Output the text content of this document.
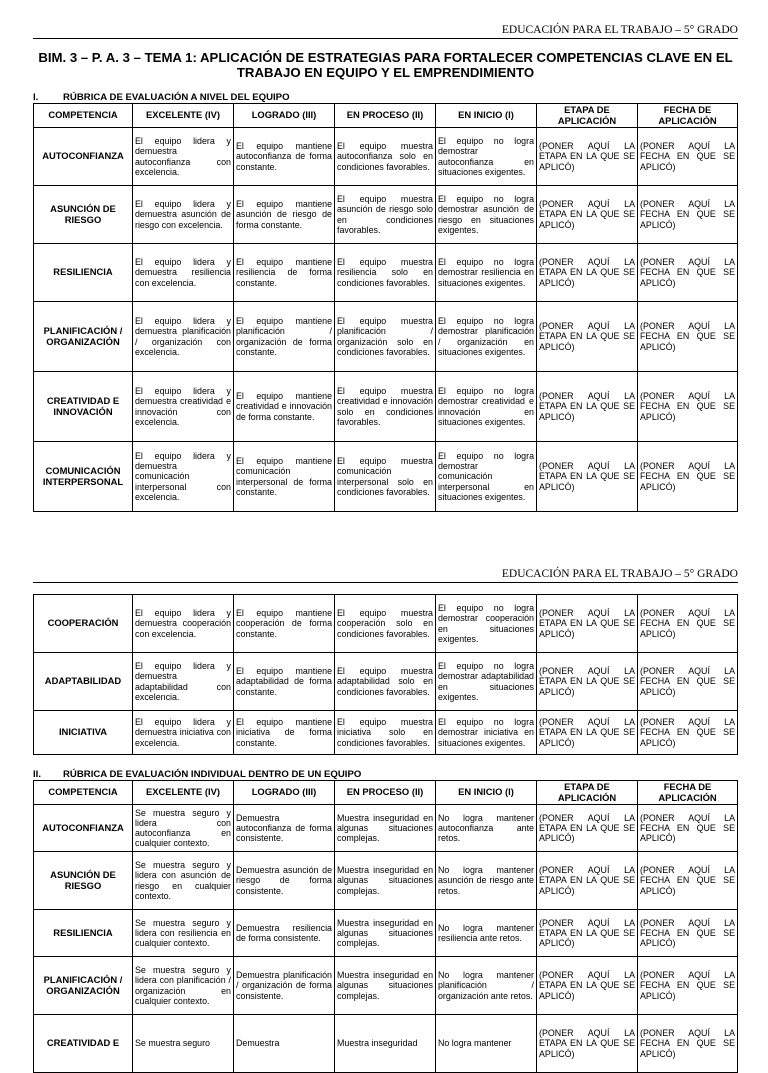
EDUCACIÓN PARA EL TRABAJO – 5° GRADO
BIM. 3 – P. A. 3 – TEMA 1: APLICACIÓN DE ESTRATEGIAS PARA FORTALECER COMPETENCIAS CLAVE EN EL TRABAJO EN EQUIPO Y EL EMPRENDIMIENTO
I.	RÚBRICA DE EVALUACIÓN A NIVEL DEL EQUIPO
COMPETENCIA	EXCELENTE (IV)	LOGRADO (III)	EN PROCESO (II)	EN INICIO (I)	ETAPA DE APLICACIÓN	FECHA DE APLICACIÓN
AUTOCONFIANZA	El equipo lidera y demuestra autoconfianza con excelencia.	El equipo mantiene autoconfianza de forma constante.	El equipo muestra autoconfianza solo en condiciones favorables.	El equipo no logra demostrar autoconfianza en situaciones exigentes.	(PONER AQUÍ LA ETAPA EN LA QUE SE APLICÓ)	(PONER AQUÍ LA FECHA EN QUE SE APLICÓ)
ASUNCIÓN DE RIESGO	El equipo lidera y demuestra asunción de riesgo con excelencia.	El equipo mantiene asunción de riesgo de forma constante.	El equipo muestra asunción de riesgo solo en condiciones favorables.	El equipo no logra demostrar asunción de riesgo en situaciones exigentes.	(PONER AQUÍ LA ETAPA EN LA QUE SE APLICÓ)	(PONER AQUÍ LA FECHA EN QUE SE APLICÓ)
RESILIENCIA	El equipo lidera y demuestra resiliencia con excelencia.	El equipo mantiene resiliencia de forma constante.	El equipo muestra resiliencia solo en condiciones favorables.	El equipo no logra demostrar resiliencia en situaciones exigentes.	(PONER AQUÍ LA ETAPA EN LA QUE SE APLICÓ)	(PONER AQUÍ LA FECHA EN QUE SE APLICÓ)
PLANIFICACIÓN / ORGANIZACIÓN	El equipo lidera y demuestra planificación / organización con excelencia.	El equipo mantiene planificación / organización de forma constante.	El equipo muestra planificación / organización solo en condiciones favorables.	El equipo no logra demostrar planificación / organización en situaciones exigentes.	(PONER AQUÍ LA ETAPA EN LA QUE SE APLICÓ)	(PONER AQUÍ LA FECHA EN QUE SE APLICÓ)
CREATIVIDAD E INNOVACIÓN	El equipo lidera y demuestra creatividad e innovación con excelencia.	El equipo mantiene creatividad e innovación de forma constante.	El equipo muestra creatividad e innovación solo en condiciones favorables.	El equipo no logra demostrar creatividad e innovación en situaciones exigentes.	(PONER AQUÍ LA ETAPA EN LA QUE SE APLICÓ)	(PONER AQUÍ LA FECHA EN QUE SE APLICÓ)
COMUNICACIÓN INTERPERSONAL	El equipo lidera y demuestra comunicación interpersonal con excelencia.	El equipo mantiene comunicación interpersonal de forma constante.	El equipo muestra comunicación interpersonal solo en condiciones favorables.	El equipo no logra demostrar comunicación interpersonal en situaciones exigentes.	(PONER AQUÍ LA ETAPA EN LA QUE SE APLICÓ)	(PONER AQUÍ LA FECHA EN QUE SE APLICÓ)
EDUCACIÓN PARA EL TRABAJO – 5° GRADO
COOPERACIÓN	El equipo lidera y demuestra cooperación con excelencia.	El equipo mantiene cooperación de forma constante.	El equipo muestra cooperación solo en condiciones favorables.	El equipo no logra demostrar cooperación en situaciones exigentes.	(PONER AQUÍ LA ETAPA EN LA QUE SE APLICÓ)	(PONER AQUÍ LA FECHA EN QUE SE APLICÓ)
ADAPTABILIDAD	El equipo lidera y demuestra adaptabilidad con excelencia.	El equipo mantiene adaptabilidad de forma constante.	El equipo muestra adaptabilidad solo en condiciones favorables.	El equipo no logra demostrar adaptabilidad en situaciones exigentes.	(PONER AQUÍ LA ETAPA EN LA QUE SE APLICÓ)	(PONER AQUÍ LA FECHA EN QUE SE APLICÓ)
INICIATIVA	El equipo lidera y demuestra iniciativa con excelencia.	El equipo mantiene iniciativa de forma constante.	El equipo muestra iniciativa solo en condiciones favorables.	El equipo no logra demostrar iniciativa en situaciones exigentes.	(PONER AQUÍ LA ETAPA EN LA QUE SE APLICÓ)	(PONER AQUÍ LA FECHA EN QUE SE APLICÓ)
II. RÚBRICA DE EVALUACIÓN INDIVIDUAL DENTRO DE UN EQUIPO
COMPETENCIA	EXCELENTE (IV)	LOGRADO (III)	EN PROCESO (II)	EN INICIO (I)	ETAPA DE APLICACIÓN	FECHA DE APLICACIÓN
AUTOCONFIANZA	Se muestra seguro y lidera con autoconfianza en cualquier contexto.	Demuestra autoconfianza de forma consistente.	Muestra inseguridad en algunas situaciones complejas.	No logra mantener autoconfianza ante retos.	(PONER AQUÍ LA ETAPA EN LA QUE SE APLICÓ)	(PONER AQUÍ LA FECHA EN QUE SE APLICÓ)
ASUNCIÓN DE RIESGO	Se muestra seguro y lidera con asunción de riesgo en cualquier contexto.	Demuestra asunción de riesgo de forma consistente.	Muestra inseguridad en algunas situaciones complejas.	No logra mantener asunción de riesgo ante retos.	(PONER AQUÍ LA ETAPA EN LA QUE SE APLICÓ)	(PONER AQUÍ LA FECHA EN QUE SE APLICÓ)
RESILIENCIA	Se muestra seguro y lidera con resiliencia en cualquier contexto.	Demuestra resiliencia de forma consistente.	Muestra inseguridad en algunas situaciones complejas.	No logra mantener resiliencia ante retos.	(PONER AQUÍ LA ETAPA EN LA QUE SE APLICÓ)	(PONER AQUÍ LA FECHA EN QUE SE APLICÓ)
PLANIFICACIÓN / ORGANIZACIÓN	Se muestra seguro y lidera con planificación / organización en cualquier contexto.	Demuestra planificación / organización de forma consistente.	Muestra inseguridad en algunas situaciones complejas.	No logra mantener planificación / organización ante retos.	(PONER AQUÍ LA ETAPA EN LA QUE SE APLICÓ)	(PONER AQUÍ LA FECHA EN QUE SE APLICÓ)
CREATIVIDAD E	Se muestra seguro	Demuestra	Muestra inseguridad	No logra mantener	(PONER AQUÍ LA ETAPA EN LA QUE SE APLICÓ)	(PONER AQUÍ LA FECHA EN QUE SE APLICÓ)
